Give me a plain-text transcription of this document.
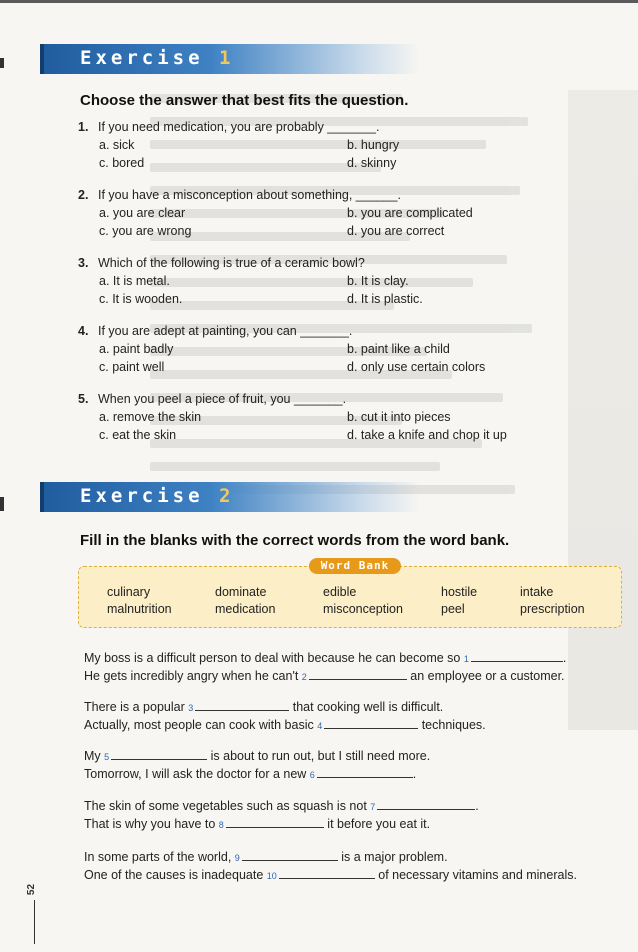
Exercise 1
Choose the answer that best fits the question.
1. If you need medication, you are probably _______.
a. sick	b. hungry
c. bored	d. skinny
2. If you have a misconception about something, ______.
a. you are clear	b. you are complicated
c. you are wrong	d. you are correct
3. Which of the following is true of a ceramic bowl?
a. It is metal.	b. It is clay.
c. It is wooden.	d. It is plastic.
4. If you are adept at painting, you can _______.
a. paint badly	b. paint like a child
c. paint well	d. only use certain colors
5. When you peel a piece of fruit, you _______.
a. remove the skin	b. cut it into pieces
c. eat the skin	d. take a knife and chop it up
Exercise 2
Fill in the blanks with the correct words from the word bank.
Word Bank
culinary	dominate	edible	hostile	intake
malnutrition	medication	misconception	peel	prescription
My boss is a difficult person to deal with because he can become so 1	.
He gets incredibly angry when he can't 2	an employee or a customer.
There is a popular 3	that cooking well is difficult.
Actually, most people can cook with basic 4	techniques.
My 5	is about to run out, but I still need more.
Tomorrow, I will ask the doctor for a new 6	.
The skin of some vegetables such as squash is not 7	.
That is why you have to 8	it before you eat it.
In some parts of the world, 9	is a major problem.
One of the causes is inadequate 10	of necessary vitamins and minerals.
52
